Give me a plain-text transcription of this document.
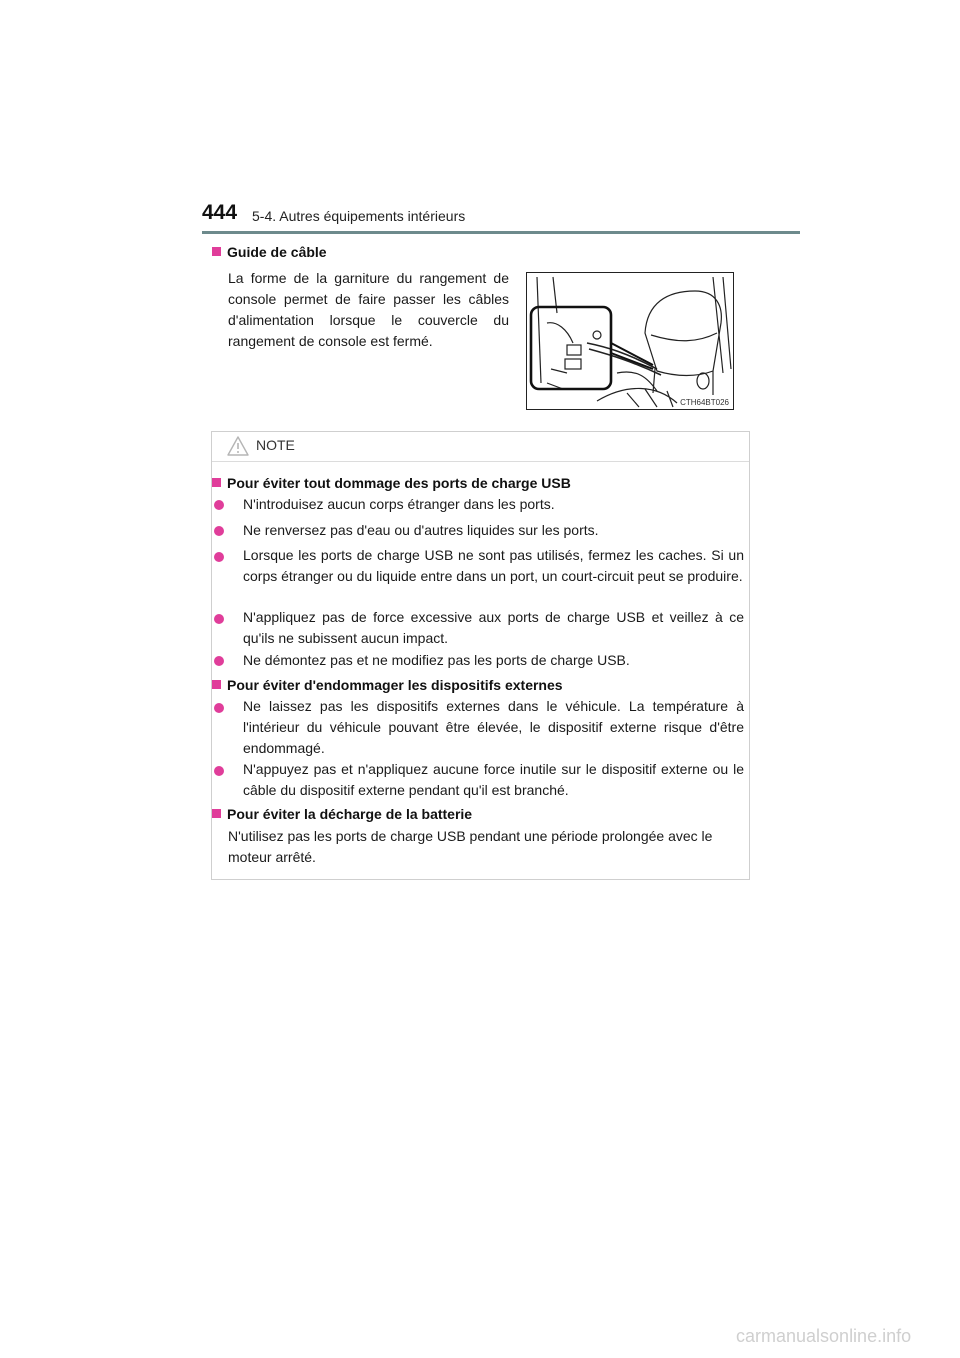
444 5-4. Autres équipements intérieurs
Guide de câble
La forme de la garniture du rangement de console permet de faire passer les câbles d'alimentation lorsque le couvercle du rangement de console est fermé.
CTH64BT026
NOTE
Pour éviter tout dommage des ports de charge USB
N'introduisez aucun corps étranger dans les ports.
Ne renversez pas d'eau ou d'autres liquides sur les ports.
Lorsque les ports de charge USB ne sont pas utilisés, fermez les caches. Si un corps étranger ou du liquide entre dans un port, un court-circuit peut se produire.
N'appliquez pas de force excessive aux ports de charge USB et veillez à ce qu'ils ne subissent aucun impact.
Ne démontez pas et ne modifiez pas les ports de charge USB.
Pour éviter d'endommager les dispositifs externes
Ne laissez pas les dispositifs externes dans le véhicule. La température à l'intérieur du véhicule pouvant être élevée, le dispositif externe risque d'être endommagé.
N'appuyez pas et n'appliquez aucune force inutile sur le dispositif externe ou le câble du dispositif externe pendant qu'il est branché.
Pour éviter la décharge de la batterie
N'utilisez pas les ports de charge USB pendant une période prolongée avec le moteur arrêté.
carmanualsonline.info
